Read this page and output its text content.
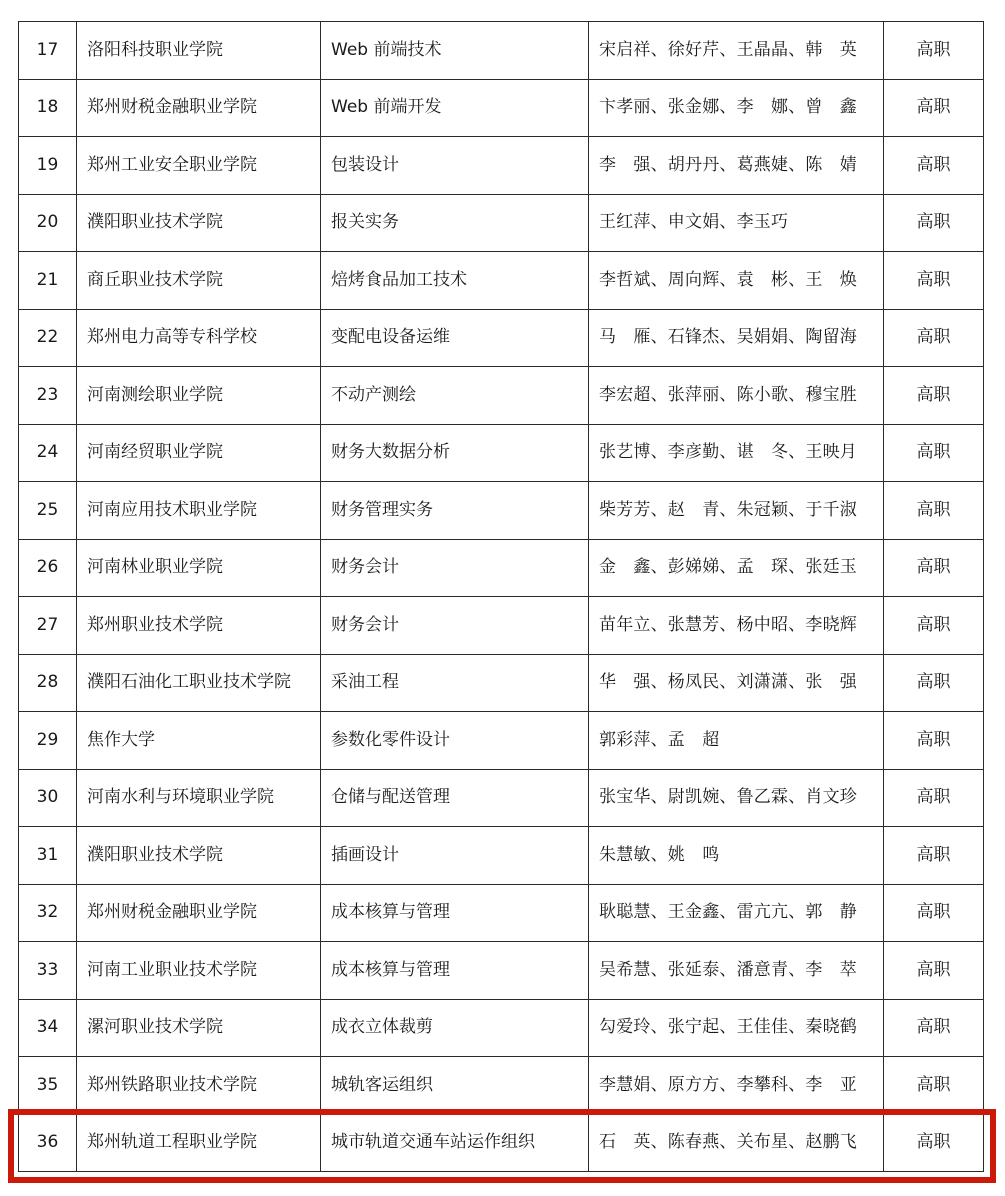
17	洛阳科技职业学院	Web 前端技术	宋启祥、徐好芹、王晶晶、韩　英	高职
18	郑州财税金融职业学院	Web 前端开发	卞孝丽、张金娜、李　娜、曾　鑫	高职
19	郑州工业安全职业学院	包装设计	李　强、胡丹丹、葛燕婕、陈　婧	高职
20	濮阳职业技术学院	报关实务	王红萍、申文娟、李玉巧	高职
21	商丘职业技术学院	焙烤食品加工技术	李哲斌、周向辉、袁　彬、王　焕	高职
22	郑州电力高等专科学校	变配电设备运维	马　雁、石锋杰、吴娟娟、陶留海	高职
23	河南测绘职业学院	不动产测绘	李宏超、张萍丽、陈小歌、穆宝胜	高职
24	河南经贸职业学院	财务大数据分析	张艺博、李彦勤、谌　冬、王映月	高职
25	河南应用技术职业学院	财务管理实务	柴芳芳、赵　青、朱冠颖、于千淑	高职
26	河南林业职业学院	财务会计	金　鑫、彭娣娣、孟　琛、张廷玉	高职
27	郑州职业技术学院	财务会计	苗年立、张慧芳、杨中昭、李晓辉	高职
28	濮阳石油化工职业技术学院	采油工程	华　强、杨凤民、刘潇潇、张　强	高职
29	焦作大学	参数化零件设计	郭彩萍、孟　超	高职
30	河南水利与环境职业学院	仓储与配送管理	张宝华、尉凯婉、鲁乙霖、肖文珍	高职
31	濮阳职业技术学院	插画设计	朱慧敏、姚　鸣	高职
32	郑州财税金融职业学院	成本核算与管理	耿聪慧、王金鑫、雷亢亢、郭　静	高职
33	河南工业职业技术学院	成本核算与管理	吴希慧、张延泰、潘意青、李　萃	高职
34	漯河职业技术学院	成衣立体裁剪	勾爱玲、张宁起、王佳佳、秦晓鹤	高职
35	郑州铁路职业技术学院	城轨客运组织	李慧娟、原方方、李攀科、李　亚	高职
36	郑州轨道工程职业学院	城市轨道交通车站运作组织	石　英、陈春燕、关布星、赵鹏飞	高职
